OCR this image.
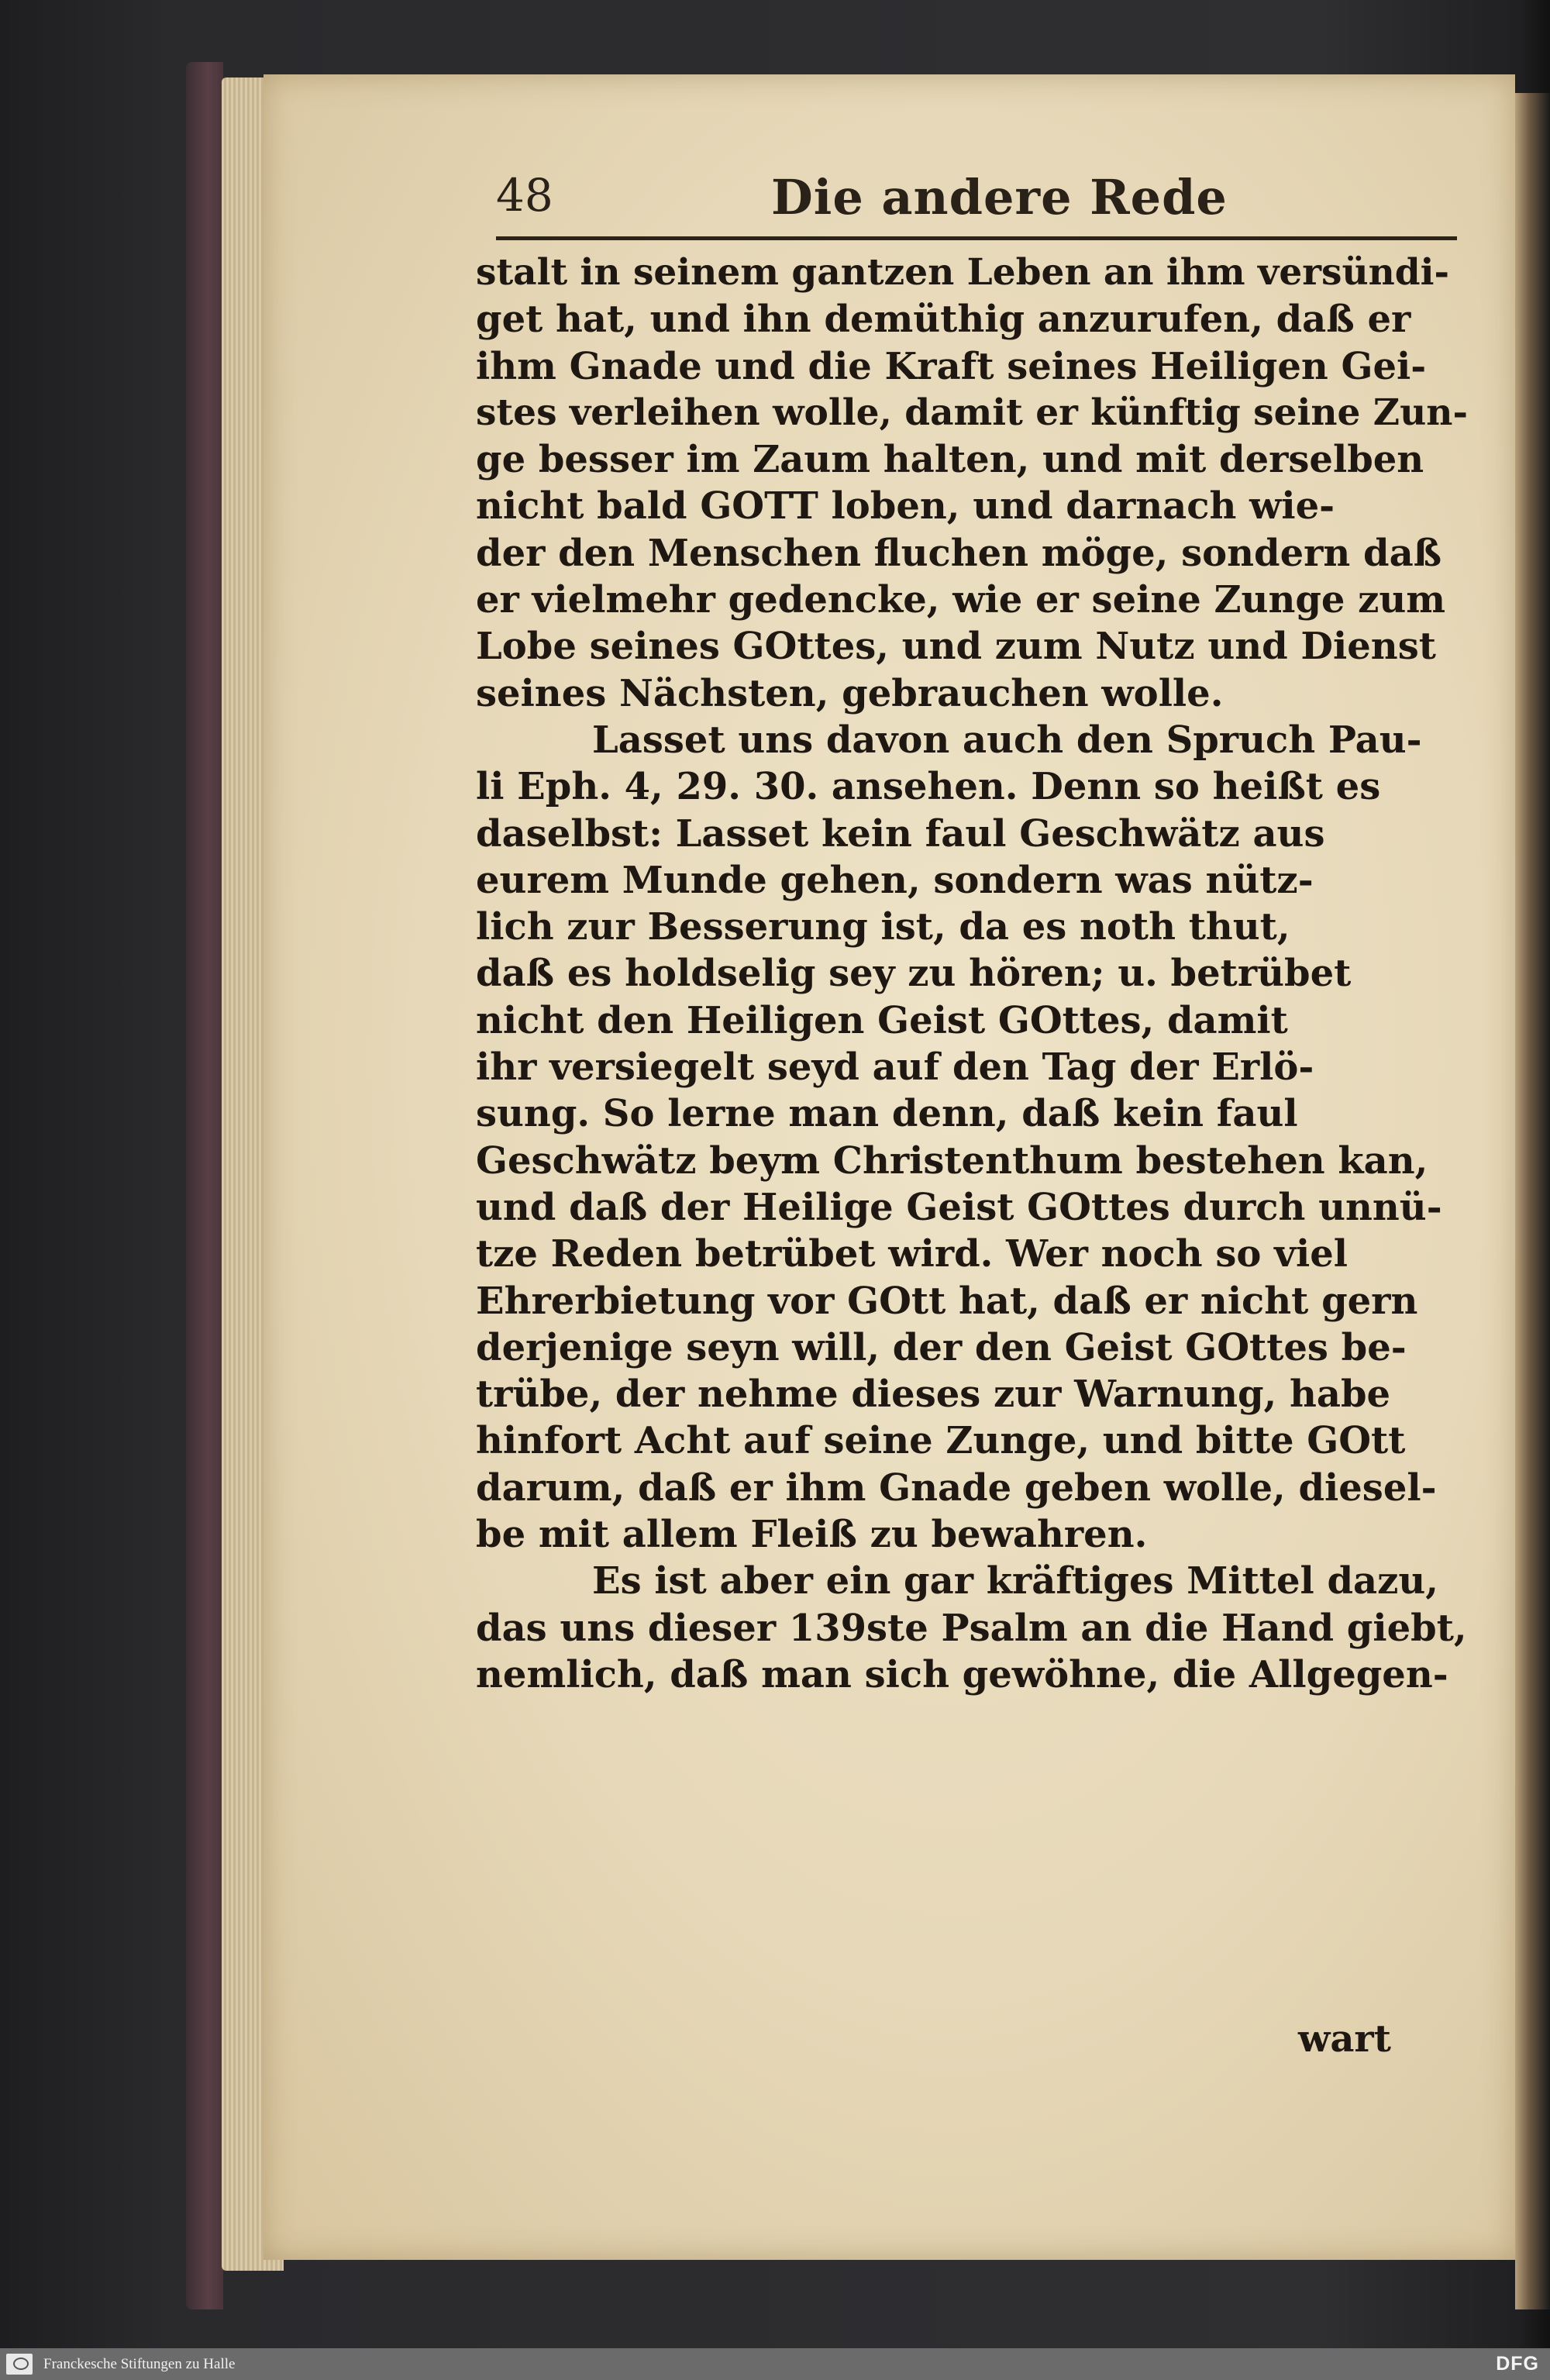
48	Die andere Rede
stalt in seinem gantzen Leben an ihm versündi-
get hat, und ihn demüthig anzurufen, daß er
ihm Gnade und die Kraft seines Heiligen Gei-
stes verleihen wolle, damit er künftig seine Zun-
ge besser im Zaum halten, und mit derselben
nicht bald GOTT loben, und darnach wie-
der den Menschen fluchen möge, sondern daß
er vielmehr gedencke, wie er seine Zunge zum
Lobe seines GOttes, und zum Nutz und Dienst
seines Nächsten, gebrauchen wolle.
Lasset uns davon auch den Spruch Pau-
li Eph. 4, 29. 30. ansehen. Denn so heißt es
daselbst: Lasset kein faul Geschwätz aus
eurem Munde gehen, sondern was nütz-
lich zur Besserung ist, da es noth thut,
daß es holdselig sey zu hören; u. betrübet
nicht den Heiligen Geist GOttes, damit
ihr versiegelt seyd auf den Tag der Erlö-
sung. So lerne man denn, daß kein faul
Geschwätz beym Christenthum bestehen kan,
und daß der Heilige Geist GOttes durch unnü-
tze Reden betrübet wird. Wer noch so viel
Ehrerbietung vor GOtt hat, daß er nicht gern
derjenige seyn will, der den Geist GOttes be-
trübe, der nehme dieses zur Warnung, habe
hinfort Acht auf seine Zunge, und bitte GOtt
darum, daß er ihm Gnade geben wolle, diesel-
be mit allem Fleiß zu bewahren.
Es ist aber ein gar kräftiges Mittel dazu,
das uns dieser 139ste Psalm an die Hand giebt,
nemlich, daß man sich gewöhne, die Allgegen-
wart
Franckesche Stiftungen zu Halle	DFG
